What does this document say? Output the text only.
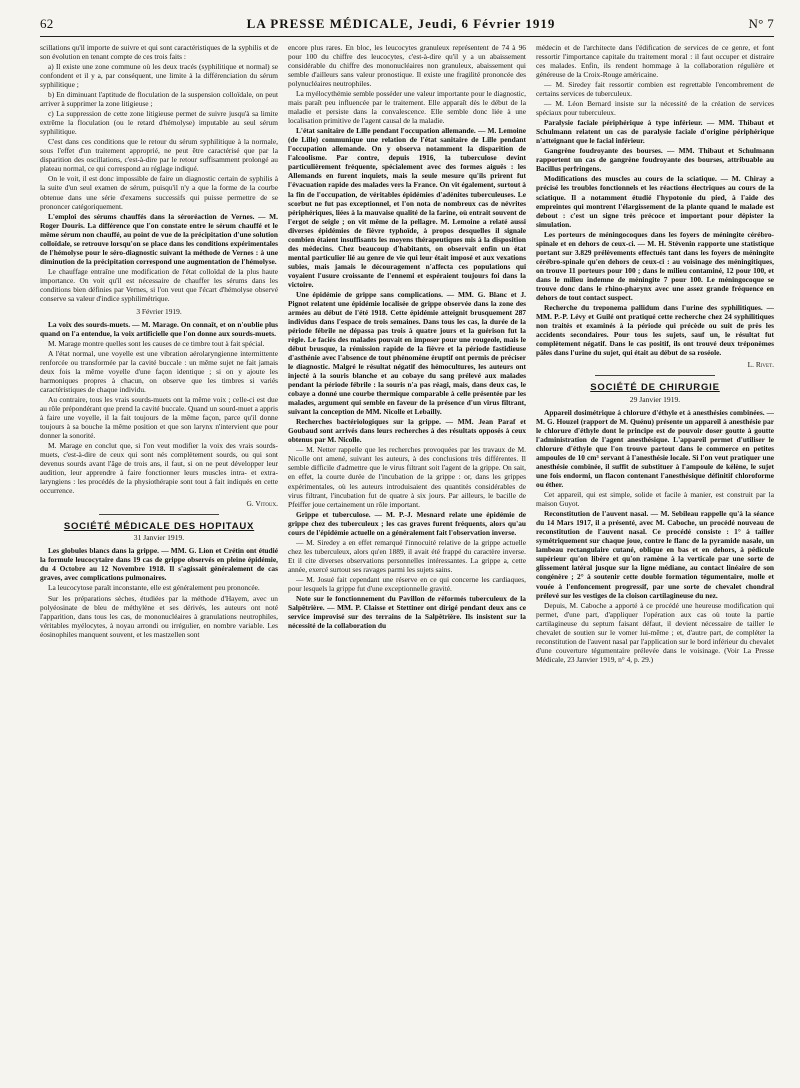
62	LA PRESSE MÉDICALE, Jeudi, 6 Février 1919	N° 7

scillations qu'il importe de suivre et qui sont caractéristiques de la syphilis et de son évolution en tenant compte de ces trois faits :

a) Il existe une zone commune où les deux tracés (syphilitique et normal) se confondent et il y a, par conséquent, une limite à la différenciation du sérum syphilitique ;

b) En diminuant l'aptitude de floculation de la suspension colloïdale, on peut arriver à supprimer la zone litigieuse ;

c) La suppression de cette zone litigieuse permet de suivre jusqu'à sa limite extrême la floculation (ou le retard d'hémolyse) imputable au seul sérum syphilitique.

C'est dans ces conditions que le retour du sérum syphilitique à la normale, sous l'effet d'un traitement approprié, ne peut être caractérisé que par la disparition des oscillations, c'est-à-dire par le retour suffisamment prolongé au plateau normal, ce qui correspond au réglage indiqué.

On le voit, il est donc impossible de faire un diagnostic certain de syphilis à la suite d'un seul examen de sérum, puisqu'il n'y a que la forme de la courbe obtenue dans une série d'examens successifs qui puisse permettre de se prononcer catégoriquement.

L'emploi des sérums chauffés dans la séroréaction de Vernes. — M. Roger Douris. La différence que l'on constate entre le sérum chauffé et le même sérum non chauffé, au point de vue de la précipitation d'une solution colloïdale, se retrouve lorsqu'on se place dans les conditions expérimentales de l'hémolyse pour le séro-diagnostic suivant la méthode de Vernes : à une diminution de la précipitation correspond une augmentation de l'hémolyse.

Le chauffage entraîne une modification de l'état colloïdal de la plus haute importance. On voit qu'il est nécessaire de chauffer les sérums dans les conditions bien définies par Vernes, si l'on veut que l'écart d'hémolyse observé conserve sa valeur d'indice syphilimétrique.

3 Février 1919.

La voix des sourds-muets. — M. Marage. On connaît, et on n'oublie plus quand on l'a entendue, la voix artificielle que l'on donne aux sourds-muets.

M. Marage montre quelles sont les causes de ce timbre tout à fait spécial.

A l'état normal, une voyelle est une vibration aérolaryngienne intermittente renforcée ou transformée par la cavité buccale : un même sujet ne fait jamais deux fois la même voyelle d'une façon identique ; si on y ajoute les harmoniques propres à chacun, on observe que les timbres si variés caractéristiques de chaque individu.

Au contraire, tous les vrais sourds-muets ont la même voix ; celle-ci est due au rôle prépondérant que prend la cavité buccale. Quand un sourd-muet a appris à faire une voyelle, il la fait toujours de la même façon, parce qu'il donne toujours à sa bouche la même position et que son larynx n'intervient que pour donner la sonorité.

M. Marage en conclut que, si l'on veut modifier la voix des vrais sourds-muets, c'est-à-dire de ceux qui sont nés complètement sourds, ou qui sont devenus sourds avant l'âge de trois ans, il faut, si on ne peut développer leur audition, leur apprendre à faire fonctionner leurs muscles intra- et extra-laryngiens : les procédés de la physiothérapie sont tout à fait indiqués en cette occurrence.

G. Vitoux.
SOCIÉTÉ MÉDICALE DES HOPITAUX
31 Janvier 1919.

Les globules blancs dans la grippe. — MM. G. Lion et Crétin ont étudié la formule leucocytaire dans 19 cas de grippe observés en pleine épidémie, du 4 Octobre au 12 Novembre 1918. Il s'agissait généralement de cas graves, avec complications pulmonaires.

La leucocytose paraît inconstante, elle est généralement peu prononcée.

Sur les préparations sèches, étudiées par la méthode d'Hayem, avec un polyéosinate de bleu de méthylène et ses dérivés, les auteurs ont noté l'apparition, dans tous les cas, de mononucléaires à granulations neutrophiles, véritables myélocytes, à noyau arrondi ou irrégulier, en nombre variable. Les éosinophiles manquent souvent, et les mastzellen sont

encore plus rares. En bloc, les leucocytes granuleux représentent de 74 à 96 pour 100 du chiffre des leucocytes, c'est-à-dire qu'il y a un abaissement considérable du chiffre des mononucléaires non granuleux, abaissement qui semble d'ailleurs sans valeur pronostique. Il existe une fragilité prononcée des polynucléaires neutrophiles.

La myélocythémie semble posséder une valeur importante pour le diagnostic, mais paraît peu influencée par le traitement. Elle apparaît dès le début de la maladie et persiste dans la convalescence. Elle semble donc liée à une localisation primitive de l'agent causal de la maladie.

L'état sanitaire de Lille pendant l'occupation allemande. — M. Lemoine (de Lille) communique une relation de l'état sanitaire de Lille pendant l'occupation allemande. On y observa notamment la disparition de l'alcoolisme. Par contre, depuis 1916, la tuberculose devint particulièrement fréquente, spécialement avec des formes aiguës : les Allemands en furent inquiets, mais la seule mesure qu'ils prirent fut l'évacuation rapide des malades vers la France. On vit également, surtout à la fin de l'occupation, de véritables épidémies d'adénites tuberculeuses. Le scorbut ne fut pas exceptionnel, et l'on nota de nombreux cas de névrites périphériques, liées à la mauvaise qualité de la farine, où entrait souvent de l'ergot de seigle ; on vit même de la pellagre. M. Lemoine a relaté aussi diverses épidémies de fièvre typhoïde, à propos desquelles il signale combien étaient insuffisants les moyens thérapeutiques mis à la disposition des médecins. Chez beaucoup d'habitants, on observait enfin un état mental particulier lié au genre de vie qui leur était imposé et aux vexations subies, mais jamais le découragement n'affecta ces populations qui voyaient l'usure croissante de l'ennemi et espéraient toujours foi dans la victoire.

Une épidémie de grippe sans complications. — MM. G. Blanc et J. Pignot relatent une épidémie localisée de grippe observée dans la zone des armées au début de l'été 1918. Cette épidémie atteignit brusquement 287 individus dans l'espace de trois semaines. Dans tous les cas, la durée de la période fébrile ne dépassa pas trois à quatre jours et la guérison fut la règle. Le faciès des malades pouvait en imposer pour une rougeole, mais le début brusque, la rémission rapide de la fièvre et la période fastidieuse d'asthénie avec l'absence de tout phénomène éruptif ont permis de préciser le diagnostic. Malgré le résultat négatif des hémocultures, les auteurs ont injecté à la souris blanche et au cobaye du sang prélevé aux malades pendant la période fébrile : la souris n'a pas réagi, mais, dans deux cas, le cobaye a donné une courbe thermique comparable à celle présentée par les malades, argument qui semble en faveur de la présence d'un virus filtrant, suivant la conception de MM. Nicolle et Lebailly.

Recherches bactériologiques sur la grippe. — MM. Jean Paraf et Goubaud sont arrivés dans leurs recherches à des résultats opposés à ceux obtenus par M. Nicolle.

— M. Netter rappelle que les recherches provoquées par les travaux de M. Nicolle ont amené, suivant les auteurs, à des conclusions très différentes. Il semble difficile d'admettre que le virus filtrant soit l'agent de la grippe. On sait, en effet, la courte durée de l'incubation de la grippe : or, dans les grippes expérimentales, où les auteurs introduisaient des quantités considérables de virus filtrant, l'incubation fut de quatre à six jours. Par ailleurs, le bacille de Pfeiffer joue certainement un rôle important.

Grippe et tuberculose. — M. P.-J. Mesnard relate une épidémie de grippe chez des tuberculeux ; les cas graves furent fréquents, alors qu'au cours de l'épidémie actuelle on a généralement fait l'observation inverse.

— M. Siredey a en effet remarqué l'innocuité relative de la grippe actuelle chez les tuberculeux, alors qu'en 1889, il avait été frappé du caractère inverse. Et il cite diverses observations personnelles intéressantes. La grippe a, cette année, exercé surtout ses ravages parmi les sujets sains.

— M. Josué fait cependant une réserve en ce qui concerne les cardiaques, pour lesquels la grippe fut d'une exceptionnelle gravité.

Note sur le fonctionnement du Pavillon de réformés tuberculeux de la Salpêtrière. — MM. P. Claisse et Stettiner ont dirigé pendant deux ans ce service improvisé sur des terrains de la Salpêtrière. Ils insistent sur la nécessité de la collaboration du

médecin et de l'architecte dans l'édification de services de ce genre, et font ressortir l'importance capitale du traitement moral : il faut occuper et distraire ces malades. Enfin, ils rendent hommage à la collaboration régulière et généreuse de la Croix-Rouge américaine.

— M. Siredey fait ressortir combien est regrettable l'encombrement de certains services de tuberculeux.

— M. Léon Bernard insiste sur la nécessité de la création de services spéciaux pour tuberculeux.

Paralysie faciale périphérique à type inférieur. — MM. Thibaut et Schulmann relatent un cas de paralysie faciale d'origine périphérique n'atteignant que le facial inférieur.

Gangrène foudroyante des bourses. — MM. Thibaut et Schulmann rapportent un cas de gangrène foudroyante des bourses, attribuable au Bacillus perfringens.

Modifications des muscles au cours de la sciatique. — M. Chiray a précisé les troubles fonctionnels et les réactions électriques au cours de la sciatique. Il a notamment étudié l'hypotonie du pied, à l'aide des empreintes qui montrent l'élargissement de la plante quand le malade est debout : c'est un signe très précoce et important pour dépister la simulation.

Les porteurs de méningocoques dans les foyers de méningite cérébro-spinale et en dehors de ceux-ci. — M. H. Stévenin rapporte une statistique portant sur 3.829 prélèvements effectués tant dans les foyers de méningite cérébro-spinale qu'en dehors de ceux-ci : au voisinage des méningitiques, on trouve 11 porteurs pour 100 ; dans le milieu contaminé, 12 pour 100, et dans le milieu indemne de méningite 7 pour 100. Le méningocoque se trouve donc dans le rhino-pharynx avec une assez grande fréquence en dehors de tout contact suspect.

Recherche du treponema pallidum dans l'urine des syphilitiques. — MM. P.-P. Lévy et Guilé ont pratiqué cette recherche chez 24 syphilitiques non traités et examinés à la période qui précède ou suit de près les accidents secondaires. Pour tous les sujets, sauf un, le résultat fut complètement négatif. Dans le cas positif, ils ont trouvé deux tréponèmes pâles dans l'urine du sujet, qui était au début de sa roséole.

L. Rivet.
SOCIÉTÉ DE CHIRURGIE
29 Janvier 1919.

Appareil dosimétrique à chlorure d'éthyle et à anesthésies combinées. — M. G. Houzel (rapport de M. Quénu) présente un appareil à anesthésie par le chlorure d'éthyle dont le principe est de pouvoir doser goutte à goutte l'administration de l'agent anesthésique. L'appareil permet d'utiliser le chlorure d'éthyle que l'on trouve partout dans le commerce en petites ampoules de 10 cm³ servant à l'anesthésie locale. Si l'on veut pratiquer une anesthésie combinée, il suffit de substituer à l'ampoule de kélène, le sujet une fois endormi, un flacon contenant l'anesthésique définitif chloroforme ou éther.

Cet appareil, qui est simple, solide et facile à manier, est construit par la maison Guyot.

Reconstitution de l'auvent nasal. — M. Sebileau rappelle qu'à la séance du 14 Mars 1917, il a présenté, avec M. Caboche, un procédé nouveau de reconstitution de l'auvent nasal. Ce procédé consiste : 1° à tailler symétriquement sur chaque joue, contre le flanc de la pyramide nasale, un lambeau rectangulaire cutané, oblique en bas et en dehors, à pédicule supérieur qu'on libère et qu'on ramène à la verticale par une sorte de glissement latéral jusque sur la ligne médiane, au contact linéaire de son congénère ; 2° à soutenir cette double formation tégumentaire, molle et vouée à l'enfoncement progressif, par une sorte de chevalet chondral prélevé sur les vestiges de la cloison cartilagineuse du nez.

Depuis, M. Caboche a apporté à ce procédé une heureuse modification qui permet, d'une part, d'appliquer l'opération aux cas où toute la partie cartilagineuse du septum faisant défaut, il devient nécessaire de tailler le chevalet de soutien sur le vomer lui-même ; et, d'autre part, de compléter la reconstitution de l'auvent nasal par l'application sur le bord inférieur du chevalet d'une couverture tégumentaire prélevée dans le voisinage. (Voir La Presse Médicale, 23 Janvier 1919, n° 4, p. 29.)
